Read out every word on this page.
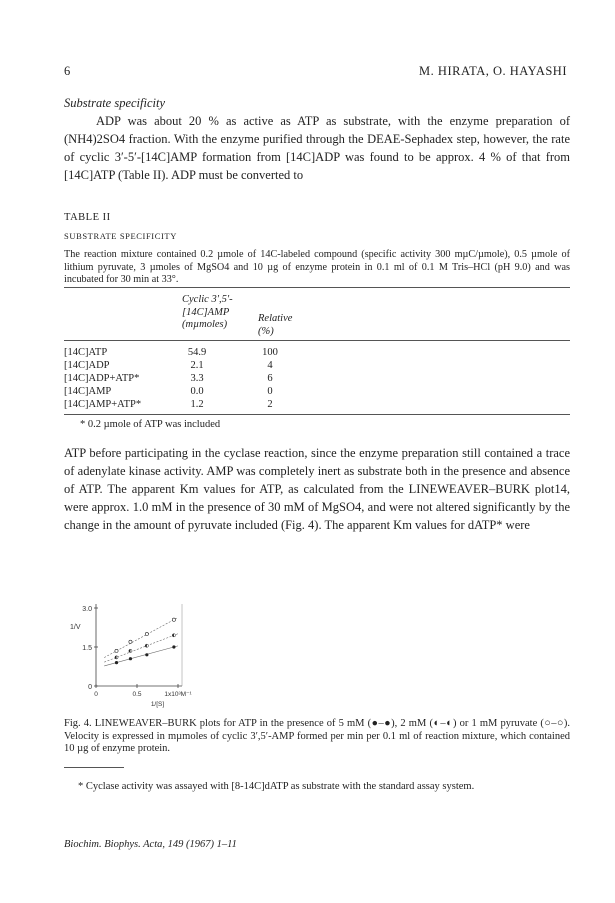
6	M. HIRATA, O. HAYASHI
Substrate specificity
ADP was about 20 % as active as ATP as substrate, with the enzyme preparation of (NH4)2SO4 fraction. With the enzyme purified through the DEAE-Sephadex step, however, the rate of cyclic 3′-5′-[14C]AMP formation from [14C]ADP was found to be approx. 4 % of that from [14C]ATP (Table II). ADP must be converted to
TABLE II
SUBSTRATE SPECIFICITY
The reaction mixture contained 0.2 µmole of 14C-labeled compound (specific activity 300 mµC/µmole), 0.5 µmole of lithium pyruvate, 3 µmoles of MgSO4 and 10 µg of enzyme protein in 0.1 ml of 0.1 M Tris–HCl (pH 9.0) and was incubated for 30 min at 33°.
Cyclic 3′,5′- [14C]AMP (mµmoles)
Relative (%)
[14C]ATP	54.9	100
[14C]ADP	2.1	4
[14C]ADP+ATP*	3.3	6
[14C]AMP	0.0	0
[14C]AMP+ATP*	1.2	2
* 0.2 µmole of ATP was included
ATP before participating in the cyclase reaction, since the enzyme preparation still contained a trace of adenylate kinase activity. AMP was completely inert as substrate both in the presence and absence of ATP. The apparent Km values for ATP, as calculated from the LINEWEAVER–BURK plot14, were approx. 1.0 mM in the presence of 30 mM of MgSO4, and were not altered significantly by the change in the amount of pyruvate included (Fig. 4). The apparent Km values for dATP* were
3.0
1.5
0
0	0.5	1x10³M⁻¹
1/V
1/[S]
Fig. 4. LINEWEAVER–BURK plots for ATP in the presence of 5 mM (●–●), 2 mM (◐–◐) or 1 mM pyruvate (○–○). Velocity is expressed in mµmoles of cyclic 3′,5′-AMP formed per min per 0.1 ml of reaction mixture, which contained 10 µg of enzyme protein.
* Cyclase activity was assayed with [8-14C]dATP as substrate with the standard assay system.
Biochim. Biophys. Acta, 149 (1967) 1–11
